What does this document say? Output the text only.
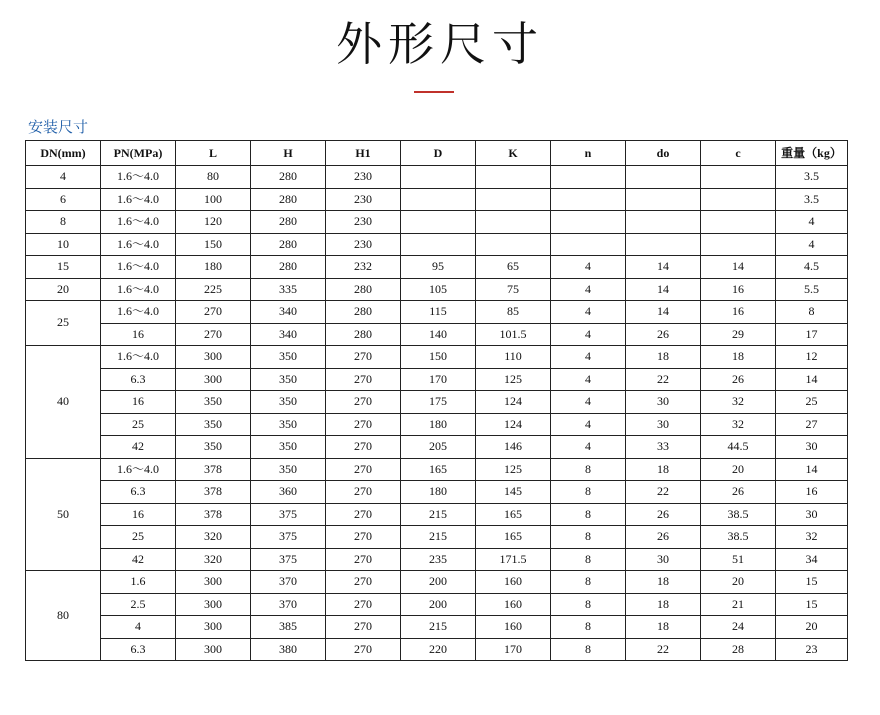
外形尺寸
安装尺寸
DN(mm)	PN(MPa)	L	H	H1	D	K	n	do	c	重量（kg）
4	1.6～4.0	80	280	230						3.5
6	1.6～4.0	100	280	230						3.5
8	1.6～4.0	120	280	230						4
10	1.6～4.0	150	280	230						4
15	1.6～4.0	180	280	232	95	65	4	14	14	4.5
20	1.6～4.0	225	335	280	105	75	4	14	16	5.5
25	1.6～4.0	270	340	280	115	85	4	14	16	8
	16	270	340	280	140	101.5	4	26	29	17
40	1.6～4.0	300	350	270	150	110	4	18	18	12
	6.3	300	350	270	170	125	4	22	26	14
	16	350	350	270	175	124	4	30	32	25
	25	350	350	270	180	124	4	30	32	27
	42	350	350	270	205	146	4	33	44.5	30
50	1.6～4.0	378	350	270	165	125	8	18	20	14
	6.3	378	360	270	180	145	8	22	26	16
	16	378	375	270	215	165	8	26	38.5	30
	25	320	375	270	215	165	8	26	38.5	32
	42	320	375	270	235	171.5	8	30	51	34
80	1.6	300	370	270	200	160	8	18	20	15
	2.5	300	370	270	200	160	8	18	21	15
	4	300	385	270	215	160	8	18	24	20
	6.3	300	380	270	220	170	8	22	28	23
